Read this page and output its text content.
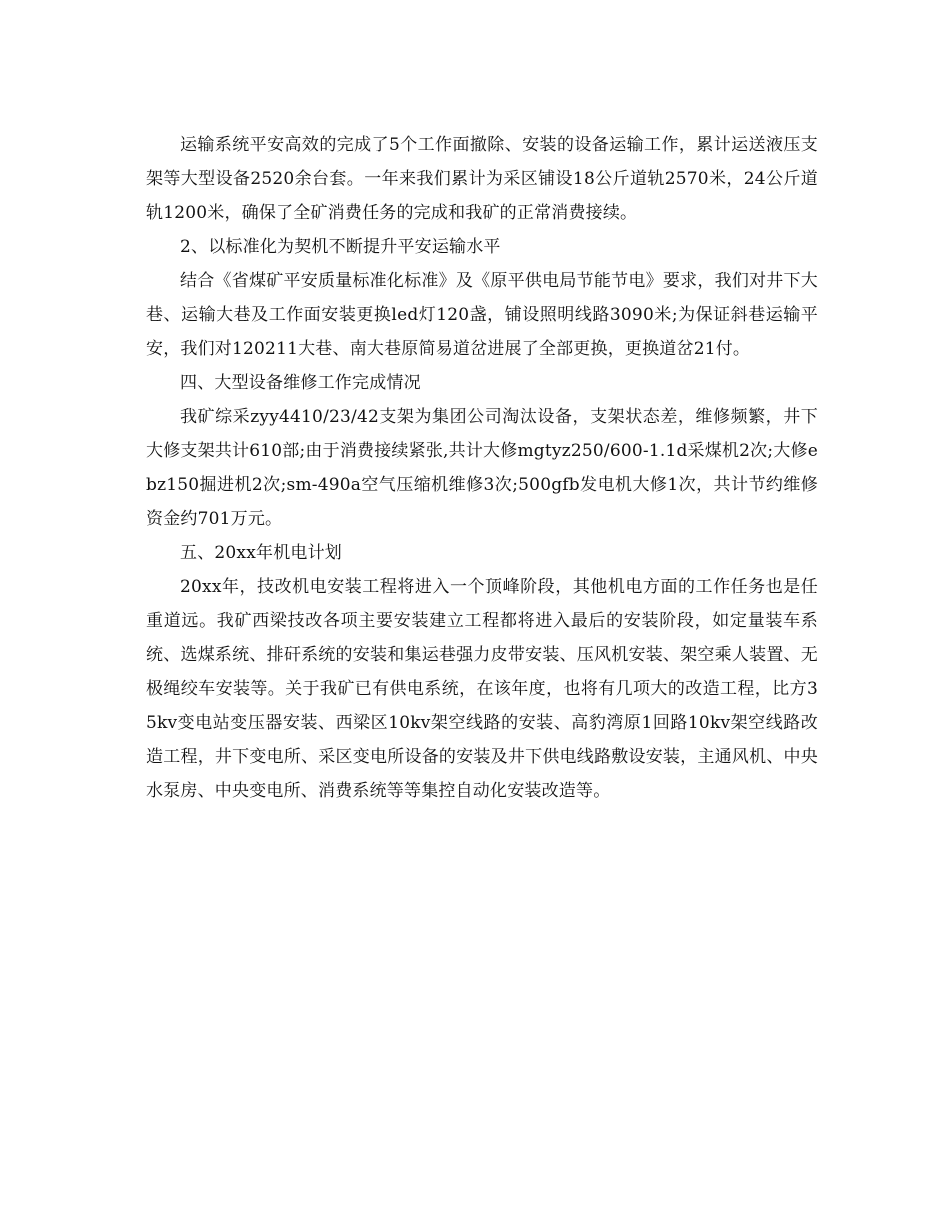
运输系统平安高效的完成了5个工作面撤除、安装的设备运输工作，累计运送液压支架等大型设备2520余台套。一年来我们累计为采区铺设18公斤道轨2570米，24公斤道轨1200米，确保了全矿消费任务的完成和我矿的正常消费接续。

2、以标准化为契机不断提升平安运输水平

结合《省煤矿平安质量标准化标准》及《原平供电局节能节电》要求，我们对井下大巷、运输大巷及工作面安装更换led灯120盏，铺设照明线路3090米;为保证斜巷运输平安，我们对120211大巷、南大巷原简易道岔进展了全部更换，更换道岔21付。

四、大型设备维修工作完成情况

我矿综采zyy4410/23/42支架为集团公司淘汰设备，支架状态差，维修频繁，井下大修支架共计610部;由于消费接续紧张,共计大修mgtyz250/600-1.1d采煤机2次;大修ebz150掘进机2次;sm-490a空气压缩机维修3次;500gfb发电机大修1次，共计节约维修资金约701万元。

五、20xx年机电计划

20xx年，技改机电安装工程将进入一个顶峰阶段，其他机电方面的工作任务也是任重道远。我矿西梁技改各项主要安装建立工程都将进入最后的安装阶段，如定量装车系统、选煤系统、排矸系统的安装和集运巷强力皮带安装、压风机安装、架空乘人装置、无极绳绞车安装等。关于我矿已有供电系统，在该年度，也将有几项大的改造工程，比方35kv变电站变压器安装、西梁区10kv架空线路的安装、高豹湾原1回路10kv架空线路改造工程，井下变电所、采区变电所设备的安装及井下供电线路敷设安装，主通风机、中央水泵房、中央变电所、消费系统等等集控自动化安装改造等。
